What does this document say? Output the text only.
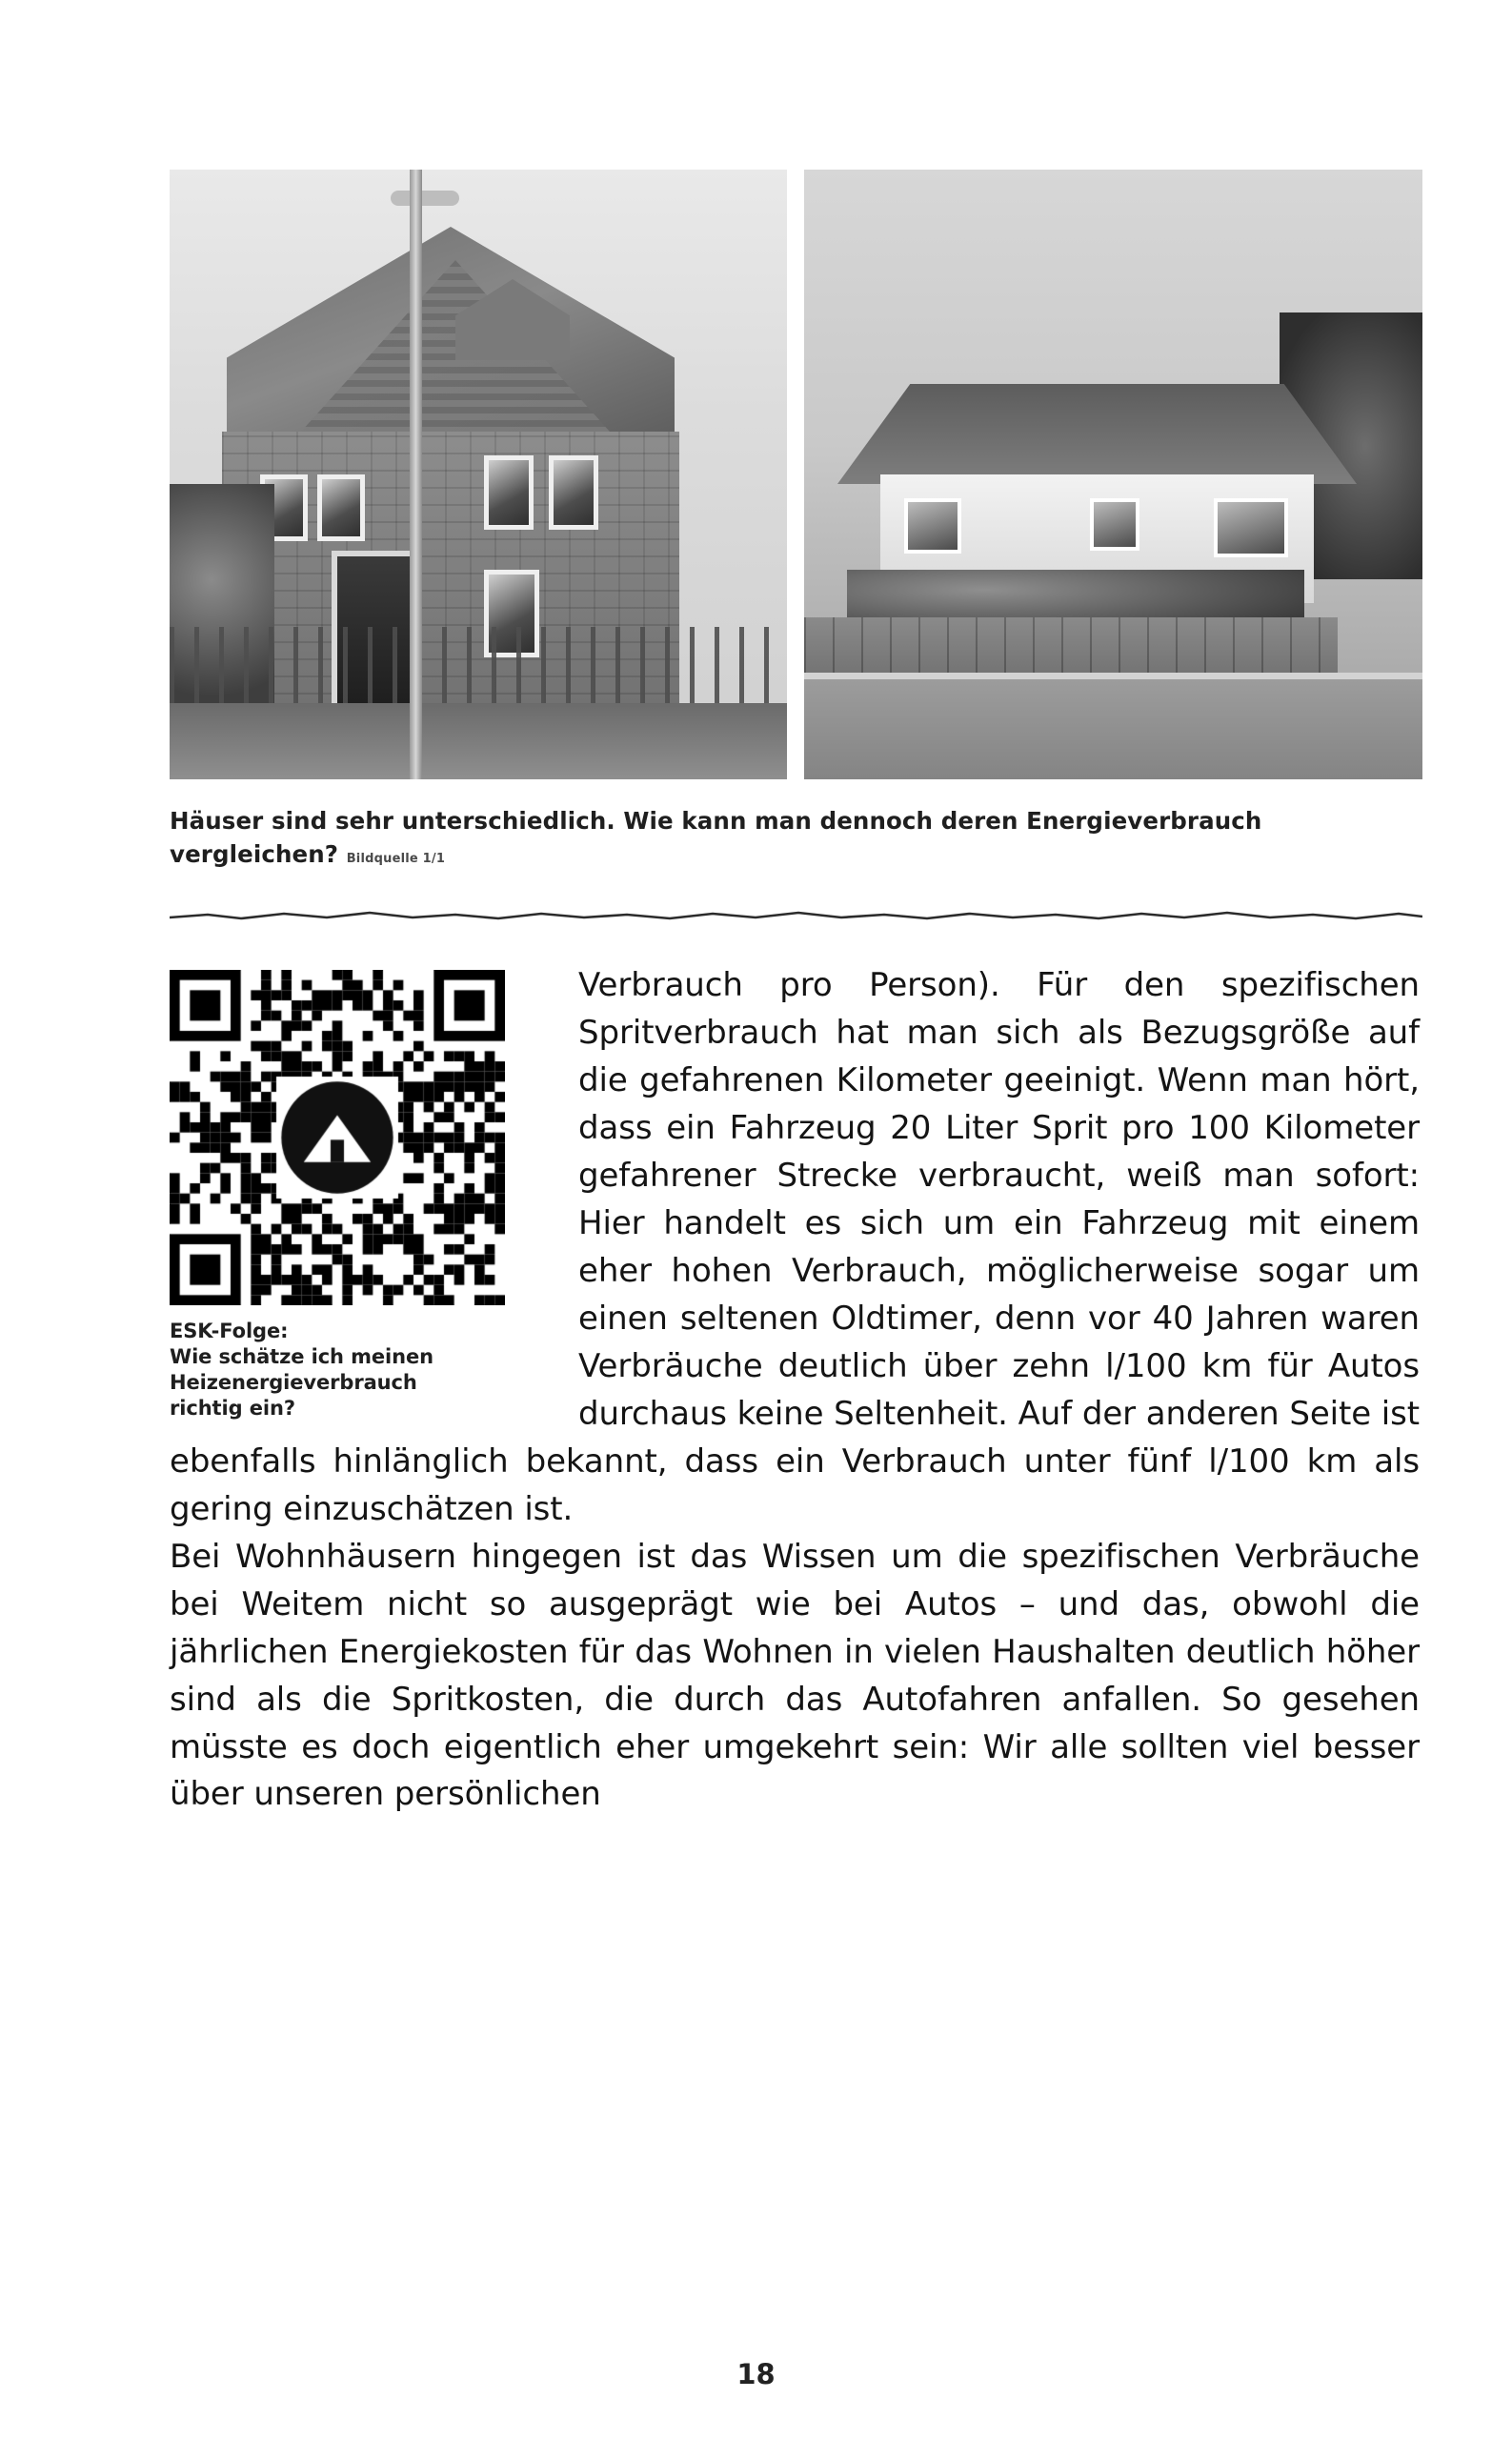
Häuser sind sehr unterschiedlich. Wie kann man dennoch deren Energieverbrauch vergleichen? Bildquelle 1/1
ESK-Folge:
Wie schätze ich meinen
Heizenergieverbrauch
richtig ein?

Verbrauch pro Person). Für den spezifischen Spritverbrauch hat man sich als Bezugsgröße auf die gefahrenen Kilometer geeinigt. Wenn man hört, dass ein Fahrzeug 20 Liter Sprit pro 100 Kilometer gefahrener Strecke verbraucht, weiß man sofort: Hier handelt es sich um ein Fahrzeug mit einem eher hohen Verbrauch, möglicherweise sogar um einen seltenen Oldtimer, denn vor 40 Jahren waren Verbräuche deutlich über zehn l/100 km für Autos durchaus keine Seltenheit. Auf der anderen Seite ist ebenfalls hinlänglich bekannt, dass ein Verbrauch unter fünf l/100 km als gering einzuschätzen ist.

Bei Wohnhäusern hingegen ist das Wissen um die spezifischen Verbräuche bei Weitem nicht so ausgeprägt wie bei Autos – und das, obwohl die jährlichen Energiekosten für das Wohnen in vielen Haushalten deutlich höher sind als die Spritkosten, die durch das Autofahren anfallen. So gesehen müsste es doch eigentlich eher umgekehrt sein: Wir alle sollten viel besser über unseren persönlichen

18
